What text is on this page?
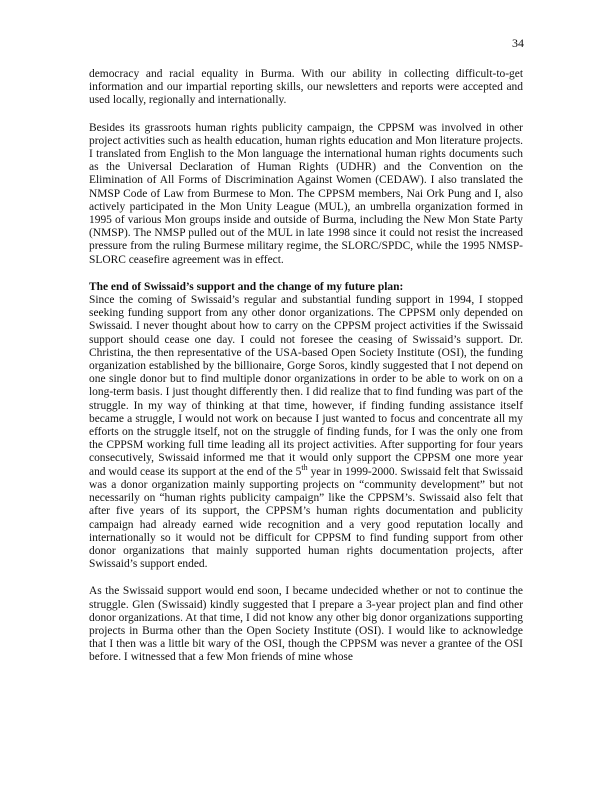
34

democracy and racial equality in Burma. With our ability in collecting difficult-to-get information and our impartial reporting skills, our newsletters and reports were accepted and used locally, regionally and internationally.

Besides its grassroots human rights publicity campaign, the CPPSM was involved in other project activities such as health education, human rights education and Mon literature projects. I translated from English to the Mon language the international human rights documents such as the Universal Declaration of Human Rights (UDHR) and the Convention on the Elimination of All Forms of Discrimination Against Women (CEDAW). I also translated the NMSP Code of Law from Burmese to Mon. The CPPSM members, Nai Ork Pung and I, also actively participated in the Mon Unity League (MUL), an umbrella organization formed in 1995 of various Mon groups inside and outside of Burma, including the New Mon State Party (NMSP). The NMSP pulled out of the MUL in late 1998 since it could not resist the increased pressure from the ruling Burmese military regime, the SLORC/SPDC, while the 1995 NMSP-SLORC ceasefire agreement was in effect.

The end of Swissaid’s support and the change of my future plan:

Since the coming of Swissaid’s regular and substantial funding support in 1994, I stopped seeking funding support from any other donor organizations. The CPPSM only depended on Swissaid. I never thought about how to carry on the CPPSM project activities if the Swissaid support should cease one day. I could not foresee the ceasing of Swissaid’s support. Dr. Christina, the then representative of the USA-based Open Society Institute (OSI), the funding organization established by the billionaire, Gorge Soros, kindly suggested that I not depend on one single donor but to find multiple donor organizations in order to be able to work on on a long-term basis. I just thought differently then. I did realize that to find funding was part of the struggle. In my way of thinking at that time, however, if finding funding assistance itself became a struggle, I would not work on because I just wanted to focus and concentrate all my efforts on the struggle itself, not on the struggle of finding funds, for I was the only one from the CPPSM working full time leading all its project activities. After supporting for four years consecutively, Swissaid informed me that it would only support the CPPSM one more year and would cease its support at the end of the 5th year in 1999-2000. Swissaid felt that Swissaid was a donor organization mainly supporting projects on “community development” but not necessarily on “human rights publicity campaign” like the CPPSM’s. Swissaid also felt that after five years of its support, the CPPSM’s human rights documentation and publicity campaign had already earned wide recognition and a very good reputation locally and internationally so it would not be difficult for CPPSM to find funding support from other donor organizations that mainly supported human rights documentation projects, after Swissaid’s support ended.

As the Swissaid support would end soon, I became undecided whether or not to continue the struggle. Glen (Swissaid) kindly suggested that I prepare a 3-year project plan and find other donor organizations. At that time, I did not know any other big donor organizations supporting projects in Burma other than the Open Society Institute (OSI). I would like to acknowledge that I then was a little bit wary of the OSI, though the CPPSM was never a grantee of the OSI before. I witnessed that a few Mon friends of mine whose
